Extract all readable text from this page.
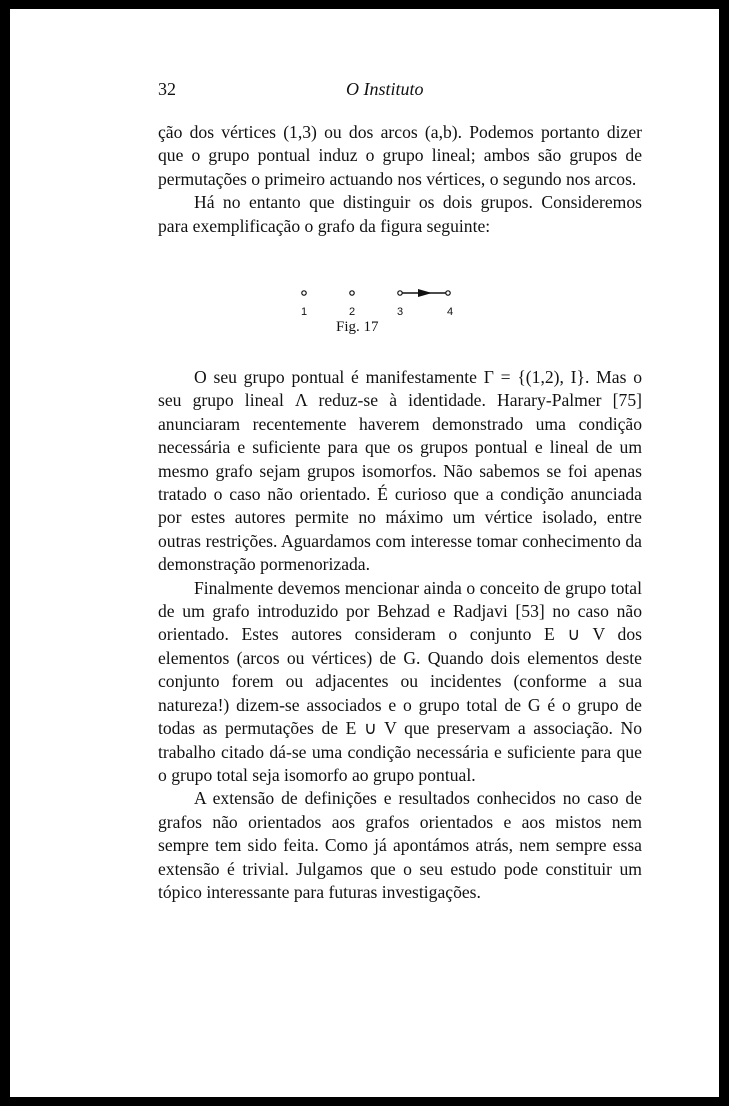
32	O Instituto

ção dos vértices (1,3) ou dos arcos (a,b). Podemos portanto dizer que o grupo pontual induz o grupo lineal; ambos são grupos de permutações o primeiro actuando nos vértices, o segundo nos arcos.

Há no entanto que distinguir os dois grupos. Consideremos para exemplificação o grafo da figura seguinte:

1	2	3	4
Fig. 17

O seu grupo pontual é manifestamente Γ = {(1,2), I}. Mas o seu grupo lineal Λ reduz-se à identidade. Harary-Palmer [75] anunciaram recentemente haverem demonstrado uma condição necessária e suficiente para que os grupos pontual e lineal de um mesmo grafo sejam grupos isomorfos. Não sabemos se foi apenas tratado o caso não orientado. É curioso que a condição anunciada por estes autores permite no máximo um vértice isolado, entre outras restrições. Aguardamos com interesse tomar conhecimento da demonstração pormenorizada.

Finalmente devemos mencionar ainda o conceito de grupo total de um grafo introduzido por Behzad e Radjavi [53] no caso não orientado. Estes autores consideram o conjunto E ∪ V dos elementos (arcos ou vértices) de G. Quando dois elementos deste conjunto forem ou adjacentes ou incidentes (conforme a sua natureza!) dizem-se associados e o grupo total de G é o grupo de todas as permutações de E ∪ V que preservam a associação. No trabalho citado dá-se uma condição necessária e suficiente para que o grupo total seja isomorfo ao grupo pontual.

A extensão de definições e resultados conhecidos no caso de grafos não orientados aos grafos orientados e aos mistos nem sempre tem sido feita. Como já apontámos atrás, nem sempre essa extensão é trivial. Julgamos que o seu estudo pode constituir um tópico interessante para futuras investigações.
